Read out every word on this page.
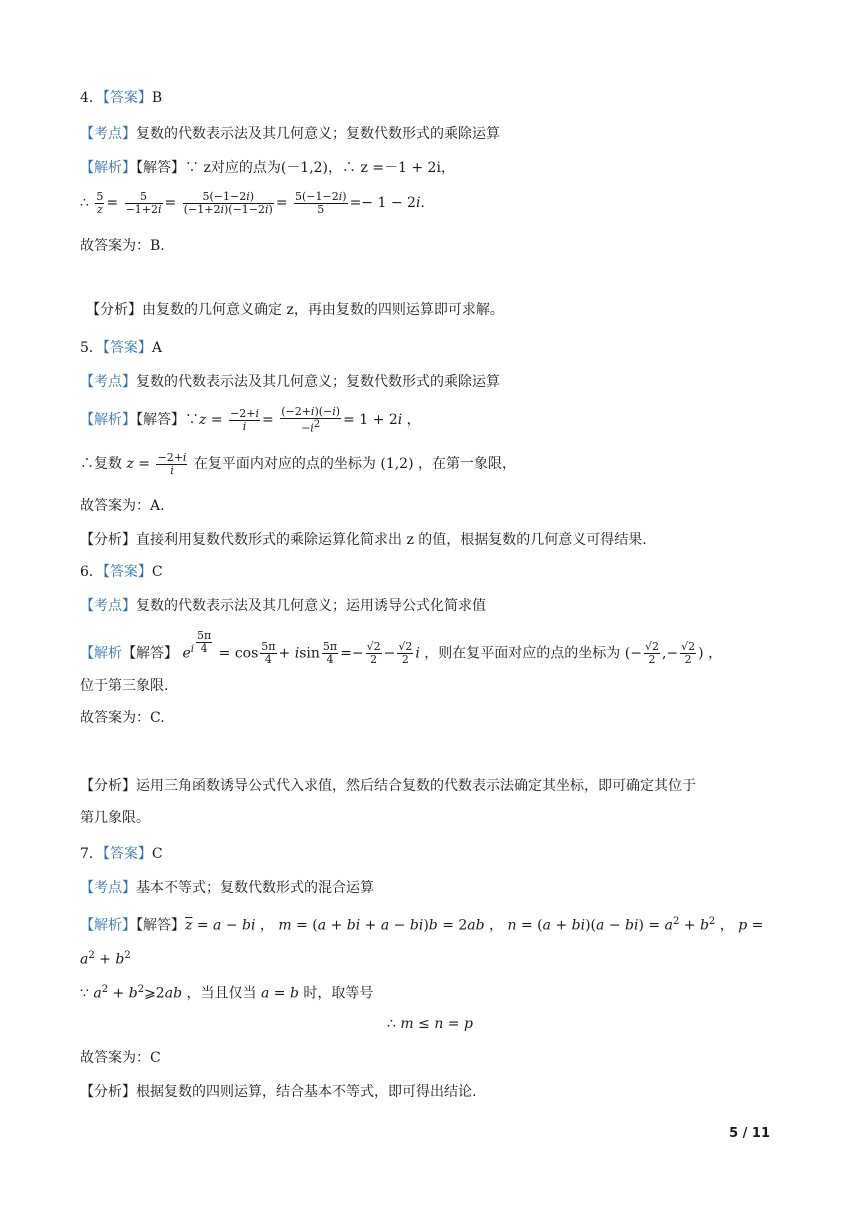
4．【答案】B
【考点】复数的代数表示法及其几何意义；复数代数形式的乘除运算
【解析】【解答】∵ z对应的点为(－1,2)，∴ z =－1 + 2i，
∴ $\frac{5}{z} = \frac{5}{-1+2i} = \frac{5(-1-2i)}{(-1+2i)(-1-2i)} = \frac{5(-1-2i)}{5} =- 1 - 2i$.
故答案为：B.
【分析】由复数的几何意义确定 z，再由复数的四则运算即可求解。
5．【答案】A
【考点】复数的代数表示法及其几何意义；复数代数形式的乘除运算
【解析】【解答】∵z = $\frac{-2+i}{i} = \frac{(-2+i)(-i)}{-i^2} = 1 + 2i$ ，
∴复数 $z = \frac{-2+i}{i}$ 在复平面内对应的点的坐标为 (1,2) ，在第一象限，
故答案为：A.
【分析】直接利用复数代数形式的乘除运算化简求出 z 的值，根据复数的几何意义可得结果.
6．【答案】C
【考点】复数的代数表示法及其几何意义；运用诱导公式化简求值
【解析【解答】 $e^{i \frac{5\pi}{4}} = \cos \frac{5\pi}{4} + isin \frac{5\pi}{4} =- \frac{√2}{2} - \frac{√2}{2}$ i ，则在复平面对应的点的坐标为 (− $\frac{√2}{2}$ ,− $\frac{√2}{2}$ ) ，
位于第三象限.
故答案为：C.
【分析】运用三角函数诱导公式代入求值，然后结合复数的代数表示法确定其坐标，即可确定其位于
第几象限。
7．【答案】C
【考点】基本不等式；复数代数形式的混合运算
【解析】【解答】$\overline{z} = a$ − bi ， m = (a + bi + a − bi)b = 2ab ， $n = (a + bi)(a - bi) = a^2 + b^2$ ， p =
$a^2 + b^2$
∵ $a^2$ + $b^2⩾2ab$ ，当且仅当 a = b 时，取等号
∴ m ≤ n = p
故答案为：C
【分析】根据复数的四则运算，结合基本不等式，即可得出结论.
5 / 11
